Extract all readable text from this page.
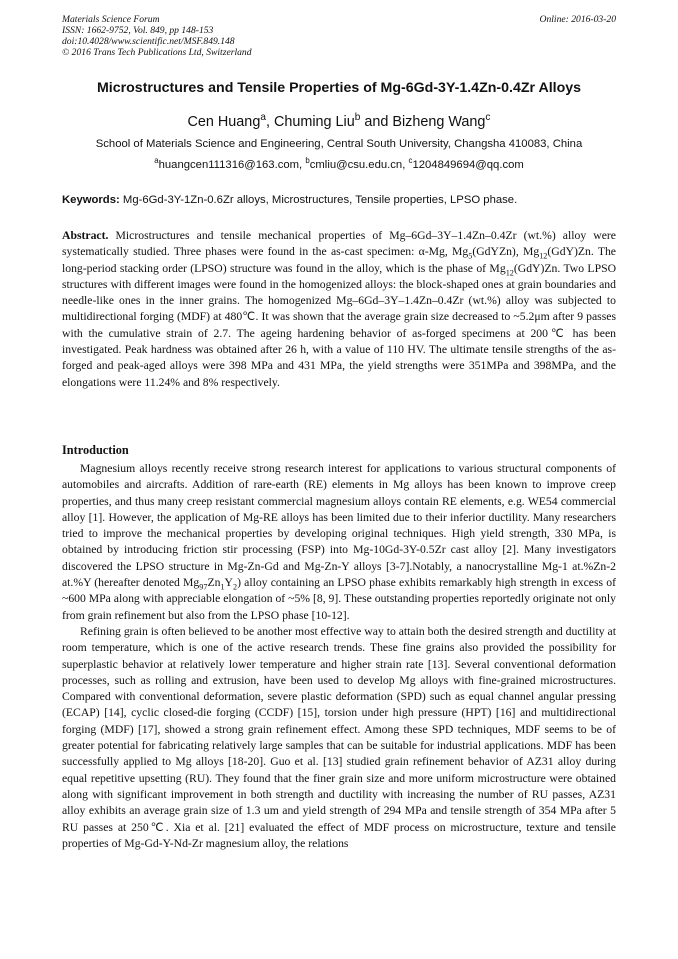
Materials Science Forum
ISSN: 1662-9752, Vol. 849, pp 148-153
doi:10.4028/www.scientific.net/MSF.849.148
© 2016 Trans Tech Publications Ltd, Switzerland
Online: 2016-03-20
Microstructures and Tensile Properties of Mg-6Gd-3Y-1.4Zn-0.4Zr Alloys
Cen Huang$^a$, Chuming Liu$^b$ and Bizheng Wang$^c$
School of Materials Science and Engineering, Central South University, Changsha 410083, China
$^a$huangcen111316@163.com, $^b$cmliu@csu.edu.cn, $^c$1204849694@qq.com
Keywords: Mg-6Gd-3Y-1Zn-0.6Zr alloys, Microstructures, Tensile properties, LPSO phase.
Abstract. Microstructures and tensile mechanical properties of Mg–6Gd–3Y–1.4Zn–0.4Zr (wt.%) alloy were systematically studied. Three phases were found in the as-cast specimen: α-Mg, $Mg_5(GdYZn)$, $Mg_{12}(GdY)Zn$. The long-period stacking order (LPSO) structure was found in the alloy, which is the phase of $Mg_{12}(GdY)Zn$. Two LPSO structures with different images were found in the homogenized alloys: the block-shaped ones at grain boundaries and needle-like ones in the inner grains. The homogenized Mg–6Gd–3Y–1.4Zn–0.4Zr (wt.%) alloy was subjected to multidirectional forging (MDF) at 480℃. It was shown that the average grain size decreased to ~5.2μm after 9 passes with the cumulative strain of 2.7. The ageing hardening behavior of as-forged specimens at 200℃ has been investigated. Peak hardness was obtained after 26 h, with a value of 110 HV. The ultimate tensile strengths of the as-forged and peak-aged alloys were 398 MPa and 431 MPa, the yield strengths were 351MPa and 398MPa, and the elongations were 11.24% and 8% respectively.
Introduction

Magnesium alloys recently receive strong research interest for applications to various structural components of automobiles and aircrafts. Addition of rare-earth (RE) elements in Mg alloys has been known to improve creep properties, and thus many creep resistant commercial magnesium alloys contain RE elements, e.g. WE54 commercial alloy [1]. However, the application of Mg-RE alloys has been limited due to their inferior ductility. Many researchers tried to improve the mechanical properties by developing original techniques. High yield strength, 330 MPa, is obtained by introducing friction stir processing (FSP) into Mg-10Gd-3Y-0.5Zr cast alloy [2]. Many investigators discovered the LPSO structure in Mg-Zn-Gd and Mg-Zn-Y alloys [3-7].Notably, a nanocrystalline Mg-1 at.%Zn-2 at.%Y (hereafter denoted $Mg_{97}Zn_1Y_2$) alloy containing an LPSO phase exhibits remarkably high strength in excess of ~600 MPa along with appreciable elongation of ~5% [8, 9]. These outstanding properties reportedly originate not only from grain refinement but also from the LPSO phase [10-12].

Refining grain is often believed to be another most effective way to attain both the desired strength and ductility at room temperature, which is one of the active research trends. These fine grains also provided the possibility for superplastic behavior at relatively lower temperature and higher strain rate [13]. Several conventional deformation processes, such as rolling and extrusion, have been used to develop Mg alloys with fine-grained microstructures. Compared with conventional deformation, severe plastic deformation (SPD) such as equal channel angular pressing (ECAP) [14], cyclic closed-die forging (CCDF) [15], torsion under high pressure (HPT) [16] and multidirectional forging (MDF) [17], showed a strong grain refinement effect. Among these SPD techniques, MDF seems to be of greater potential for fabricating relatively large samples that can be suitable for industrial applications. MDF has been successfully applied to Mg alloys [18-20]. Guo et al. [13] studied grain refinement behavior of AZ31 alloy during equal repetitive upsetting (RU). They found that the finer grain size and more uniform microstructure were obtained along with significant improvement in both strength and ductility with increasing the number of RU passes, AZ31 alloy exhibits an average grain size of 1.3 um and yield strength of 294 MPa and tensile strength of 354 MPa after 5 RU passes at 250℃. Xia et al. [21] evaluated the effect of MDF process on microstructure, texture and tensile properties of Mg-Gd-Y-Nd-Zr magnesium alloy, the relations
